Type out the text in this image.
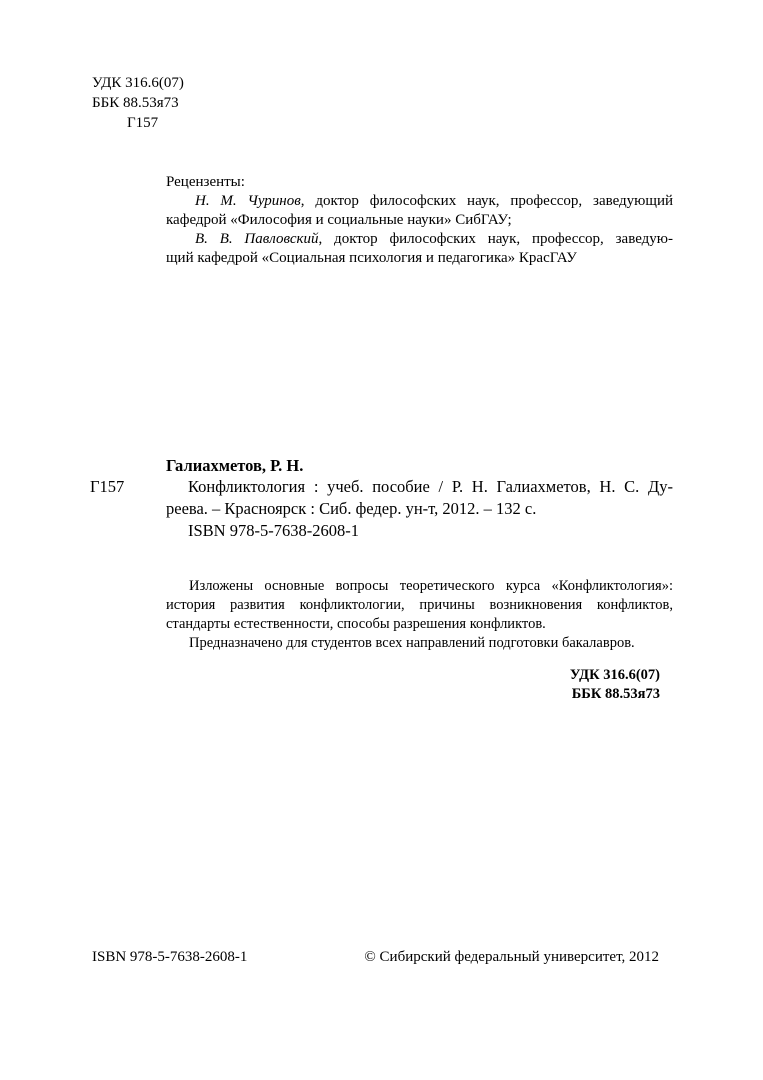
УДК 316.6(07)
ББК 88.53я73
Г157
Рецензенты:
Н. М. Чуринов, доктор философских наук, профессор, заведующий
кафедрой «Философия и социальные науки» СибГАУ;
В. В. Павловский, доктор философских наук, профессор, заведую-
щий кафедрой «Социальная психология и педагогика» КрасГАУ
Галиахметов, Р. Н.
Г157	Конфликтология : учеб. пособие / Р. Н. Галиахметов, Н. С. Ду-
реева. – Красноярск : Сиб. федер. ун-т, 2012. – 132 с.
ISBN 978-5-7638-2608-1
Изложены основные вопросы теоретического курса «Конфликтология»:
история развития конфликтологии, причины возникновения конфликтов,
стандарты естественности, способы разрешения конфликтов.
Предназначено для студентов всех направлений подготовки бакалавров.
УДК 316.6(07)
ББК 88.53я73
ISBN 978-5-7638-2608-1	© Сибирский федеральный университет, 2012
